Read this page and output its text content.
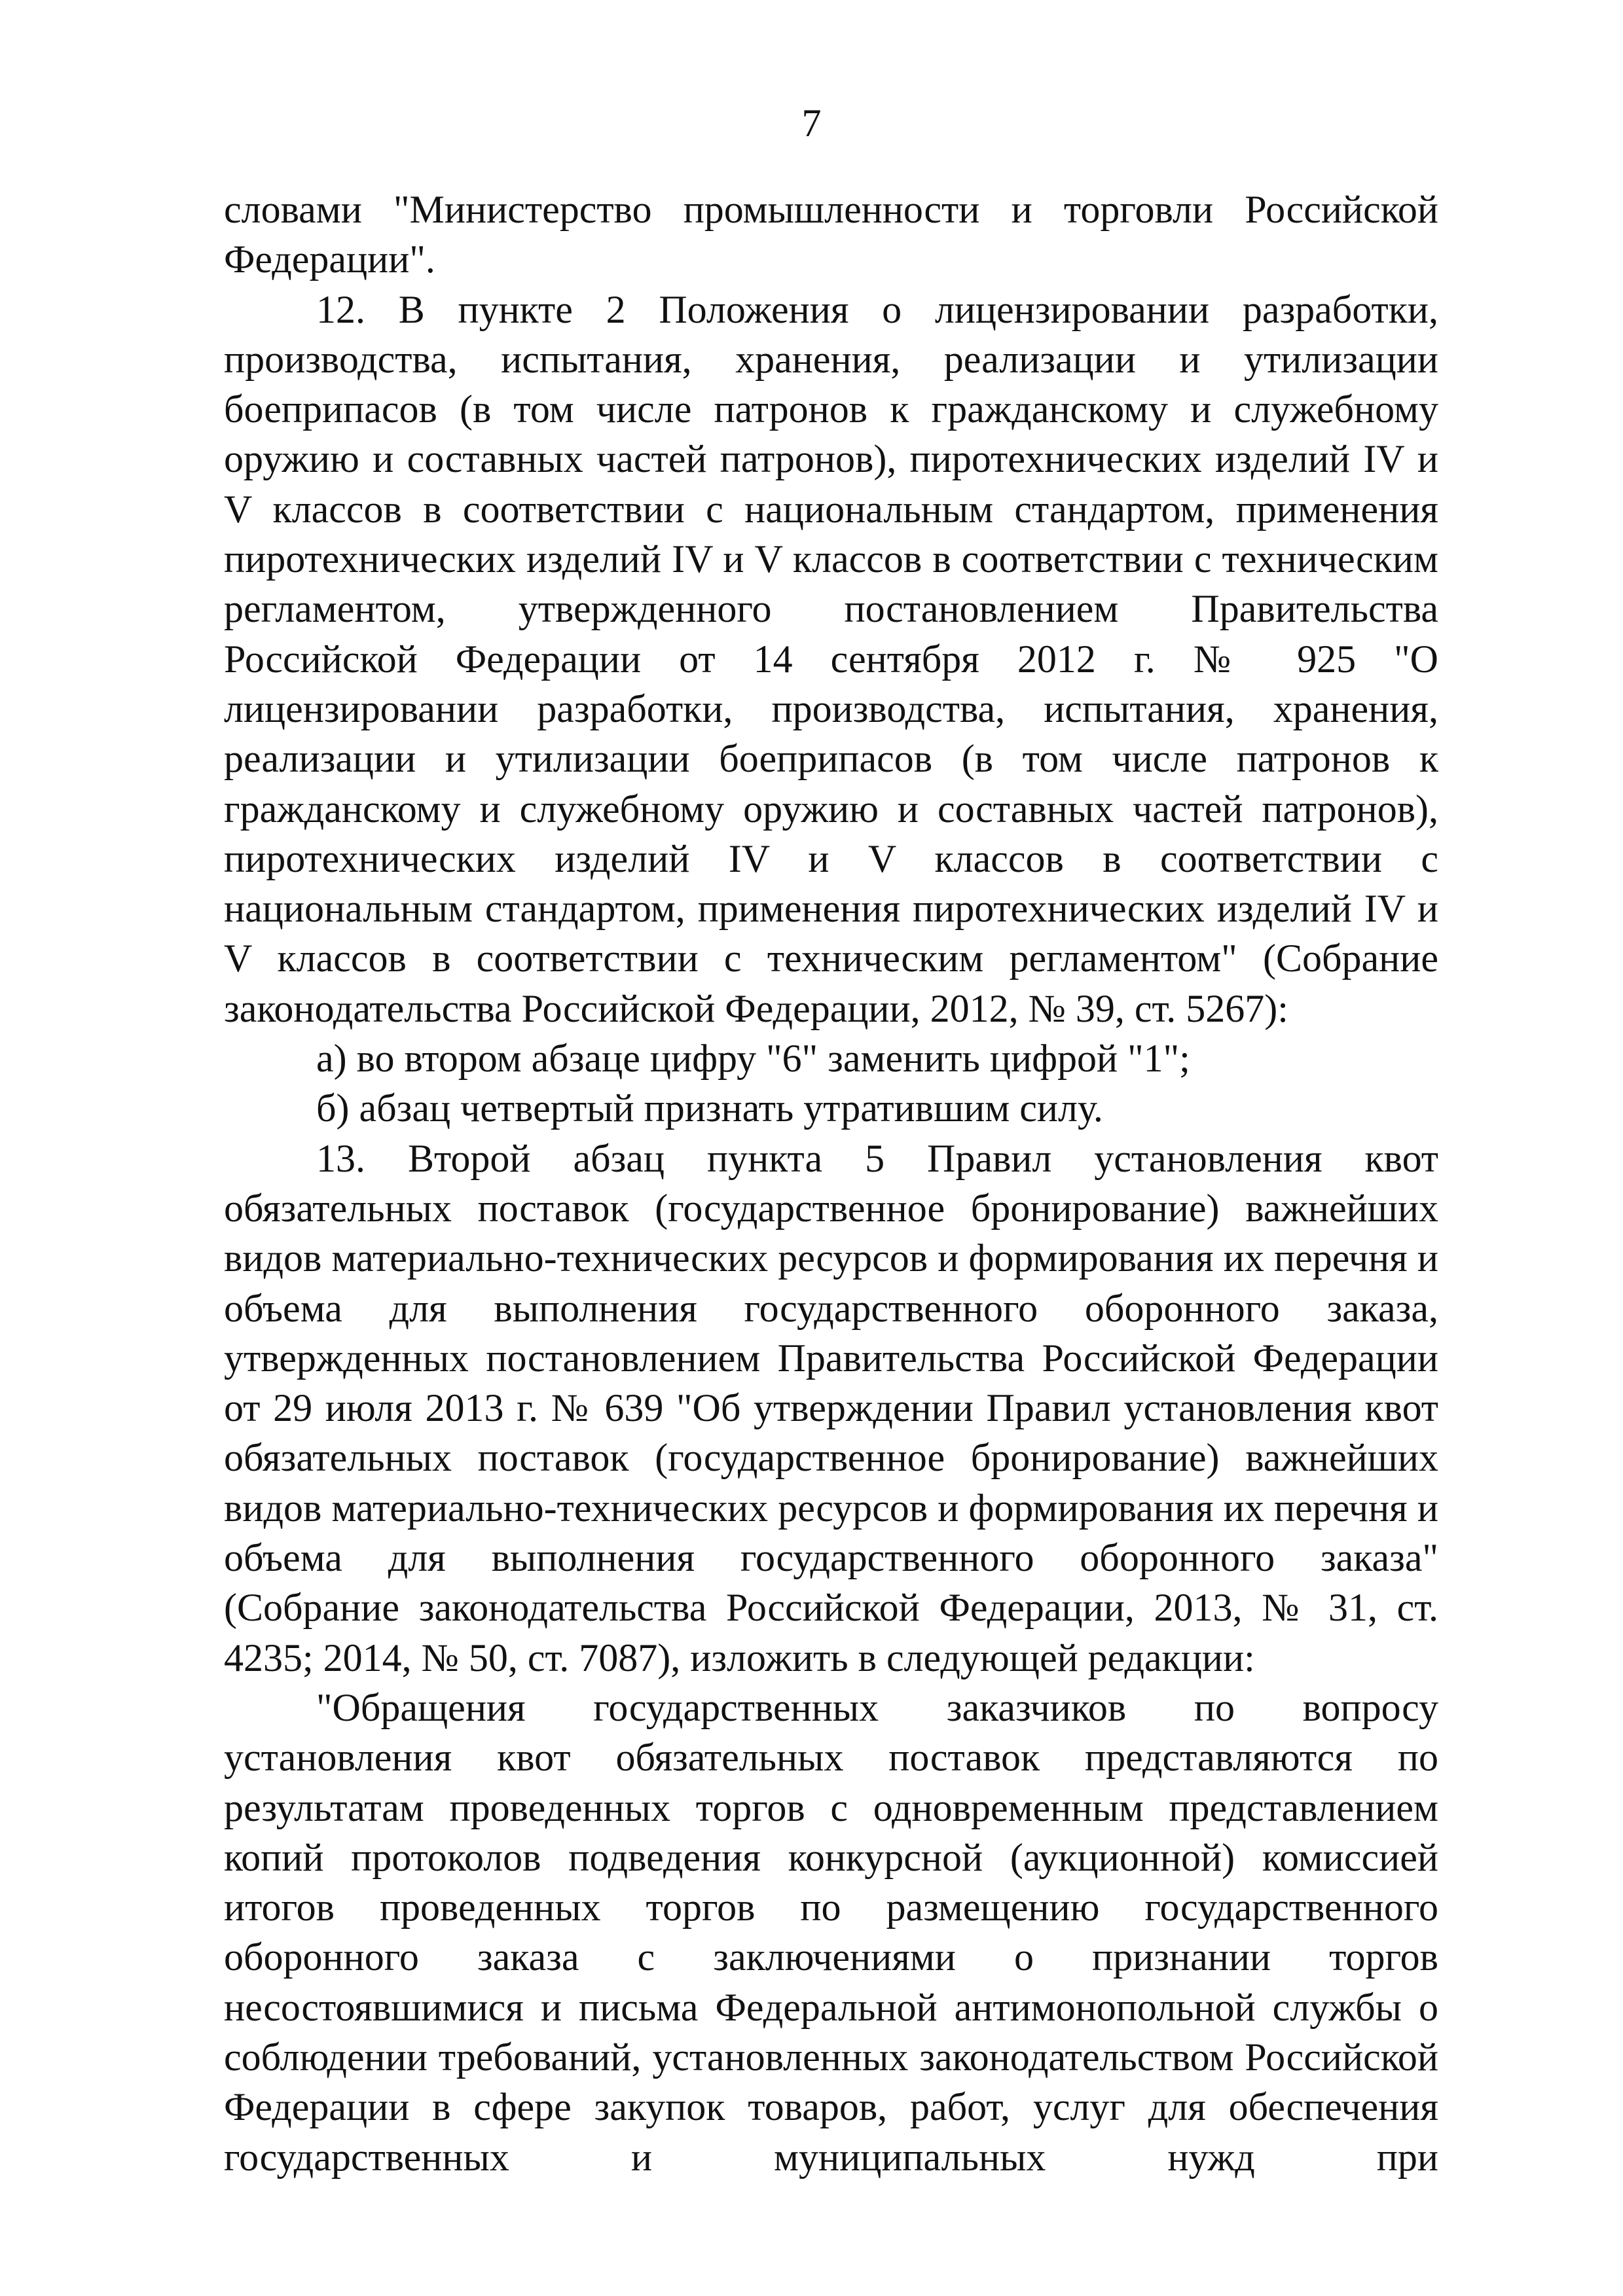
7

словами "Министерство промышленности и торговли Российской Федерации".

12. В пункте 2 Положения о лицензировании разработки, производства, испытания, хранения, реализации и утилизации боеприпасов (в том числе патронов к гражданскому и служебному оружию и составных частей патронов), пиротехнических изделий IV и V классов в соответствии с национальным стандартом, применения пиротехнических изделий IV и V классов в соответствии с техническим регламентом, утвержденного постановлением Правительства Российской Федерации от 14 сентября 2012 г. № 925 "О лицензировании разработки, производства, испытания, хранения, реализации и утилизации боеприпасов (в том числе патронов к гражданскому и служебному оружию и составных частей патронов), пиротехнических изделий IV и V классов в соответствии с национальным стандартом, применения пиротехнических изделий IV и V классов в соответствии с техническим регламентом" (Собрание законодательства Российской Федерации, 2012, № 39, ст. 5267):

а) во втором абзаце цифру "6" заменить цифрой "1";

б) абзац четвертый признать утратившим силу.

13. Второй абзац пункта 5 Правил установления квот обязательных поставок (государственное бронирование) важнейших видов материально-технических ресурсов и формирования их перечня и объема для выполнения государственного оборонного заказа, утвержденных постановлением Правительства Российской Федерации от 29 июля 2013 г. № 639 "Об утверждении Правил установления квот обязательных поставок (государственное бронирование) важнейших видов материально-технических ресурсов и формирования их перечня и объема для выполнения государственного оборонного заказа" (Собрание законодательства Российской Федерации, 2013, № 31, ст. 4235; 2014, № 50, ст. 7087), изложить в следующей редакции:

"Обращения государственных заказчиков по вопросу установления квот обязательных поставок представляются по результатам проведенных торгов с одновременным представлением копий протоколов подведения конкурсной (аукционной) комиссией итогов проведенных торгов по размещению государственного оборонного заказа с заключениями о признании торгов несостоявшимися и письма Федеральной антимонопольной службы о соблюдении требований, установленных законодательством Российской Федерации в сфере закупок товаров, работ, услуг для обеспечения государственных и муниципальных нужд при
